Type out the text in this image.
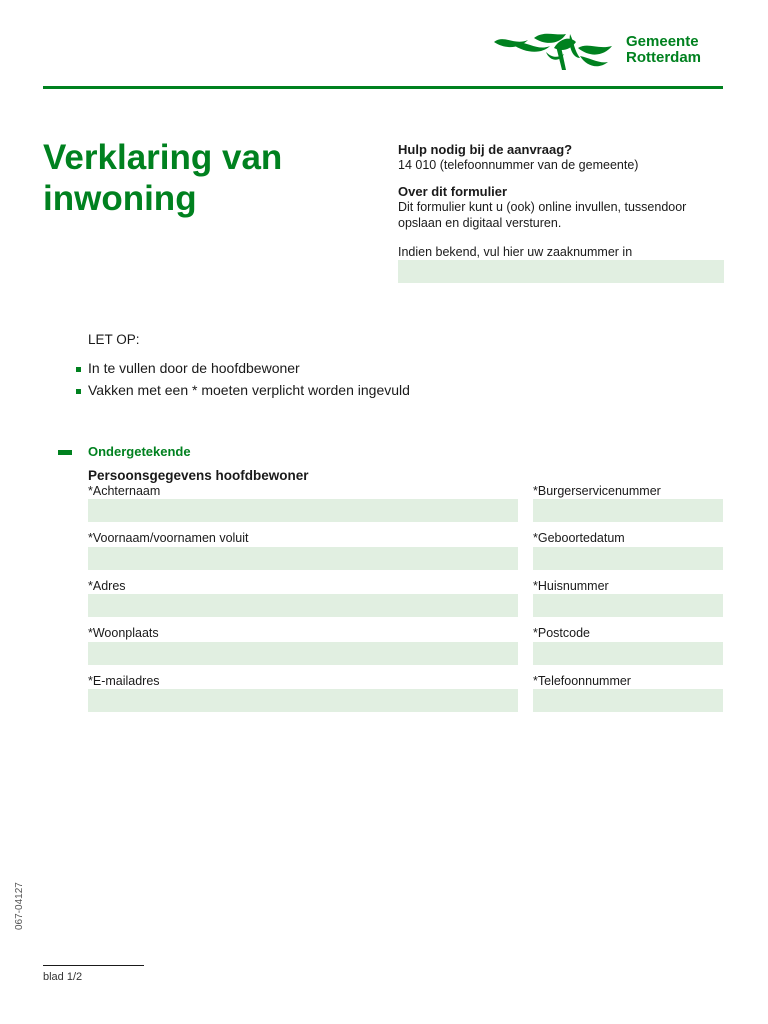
Gemeente
Rotterdam
Verklaring van inwoning
Hulp nodig bij de aanvraag?
14 010 (telefoonnummer van de gemeente)
Over dit formulier
Dit formulier kunt u (ook) online invullen, tussendoor opslaan en digitaal versturen.
Indien bekend, vul hier uw zaaknummer in
LET OP:
In te vullen door de hoofdbewoner
Vakken met een * moeten verplicht worden ingevuld
Ondergetekende
Persoonsgegevens hoofdbewoner
*Achternaam	*Burgerservicenummer
*Voornaam/voornamen voluit	*Geboortedatum
*Adres	*Huisnummer
*Woonplaats	*Postcode
*E-mailadres	*Telefoonnummer
067-04127
blad 1/2
